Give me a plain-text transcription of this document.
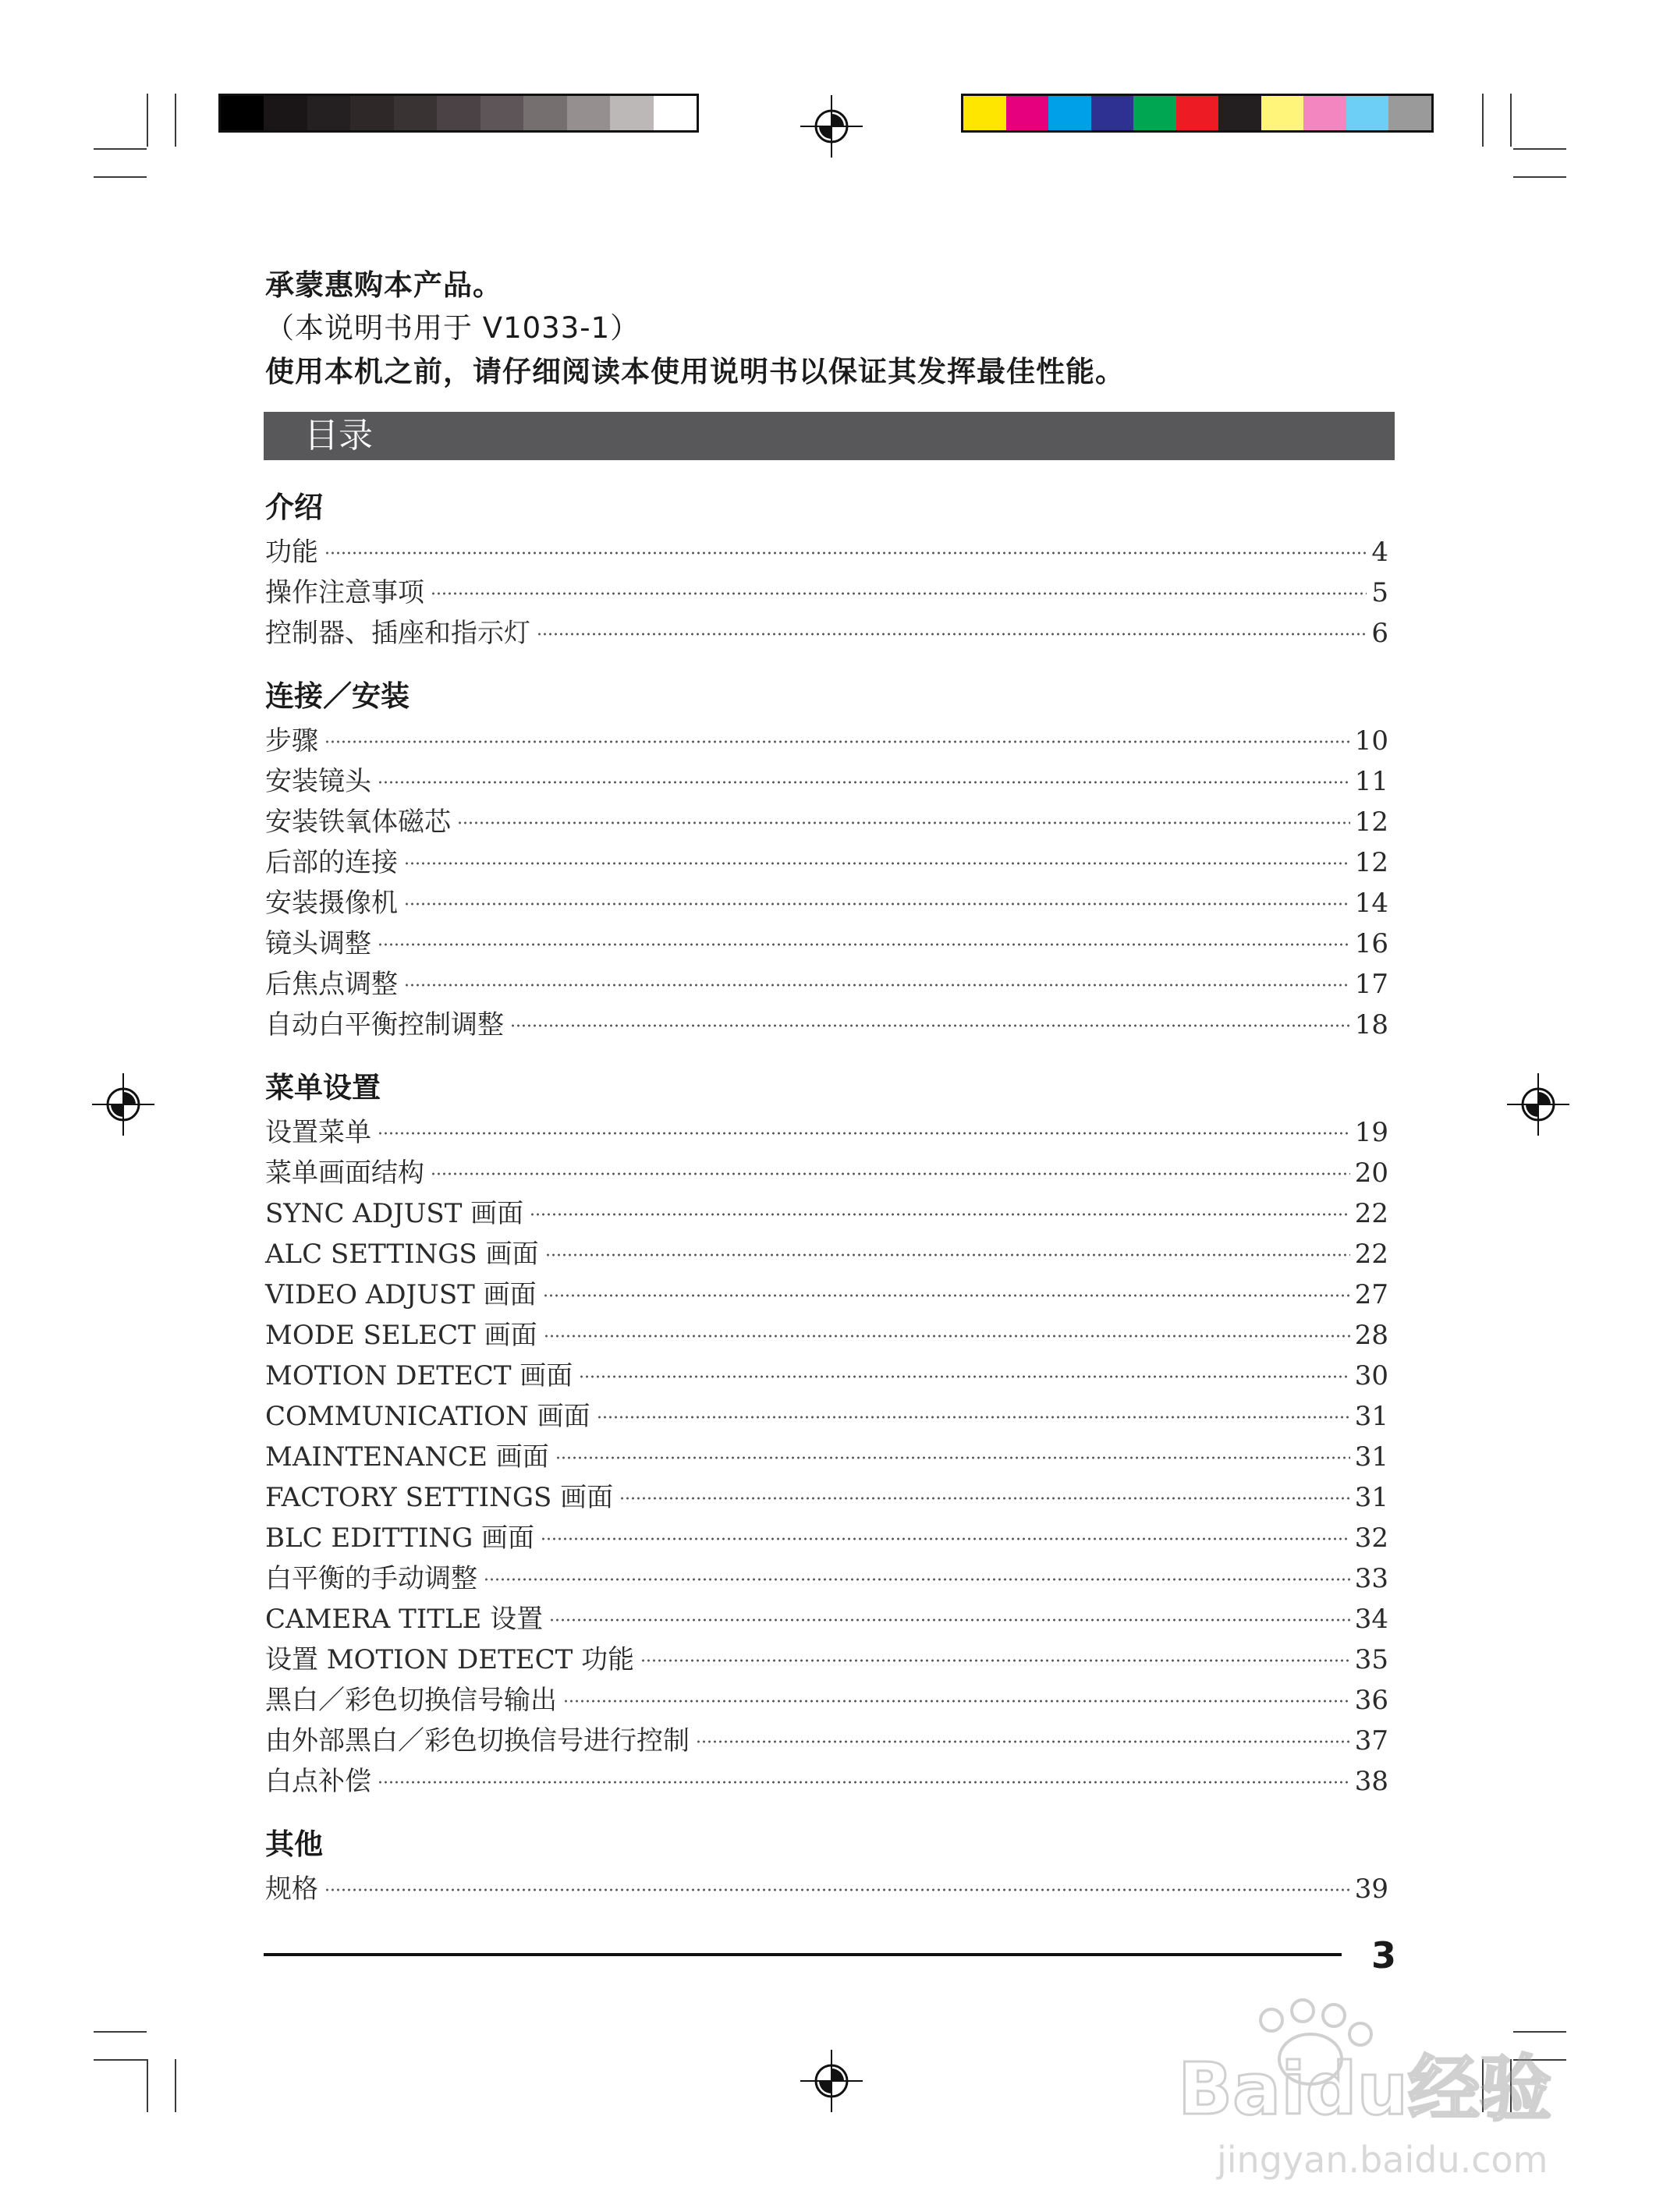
承蒙惠购本产品。
（本说明书用于 V1033-1）
使用本机之前，请仔细阅读本使用说明书以保证其发挥最佳性能。
目录
介绍
功能	4
操作注意事项	5
控制器、插座和指示灯	6
连接／安装
步骤	10
安装镜头	11
安装铁氧体磁芯	12
后部的连接	12
安装摄像机	14
镜头调整	16
后焦点调整	17
自动白平衡控制调整	18
菜单设置
设置菜单	19
菜单画面结构	20
SYNC ADJUST 画面	22
ALC SETTINGS 画面	22
VIDEO ADJUST 画面	27
MODE SELECT 画面	28
MOTION DETECT 画面	30
COMMUNICATION 画面	31
MAINTENANCE 画面	31
FACTORY SETTINGS 画面	31
BLC EDITTING 画面	32
白平衡的手动调整	33
CAMERA TITLE 设置	34
设置 MOTION DETECT 功能	35
黑白／彩色切换信号输出	36
由外部黑白／彩色切换信号进行控制	37
白点补偿	38
其他
规格	39
3
Baidu经验
jingyan.baidu.com
